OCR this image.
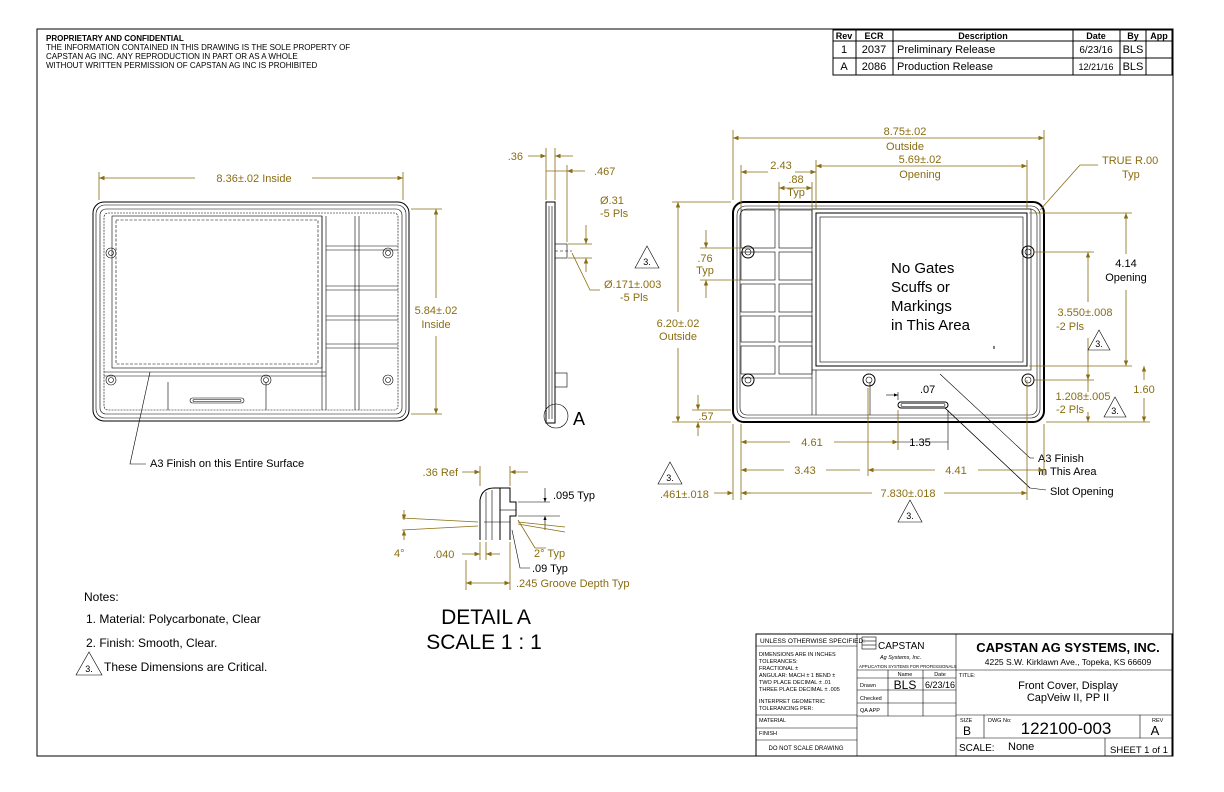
PROPRIETARY AND CONFIDENTIAL
THE INFORMATION CONTAINED IN THIS DRAWING IS THE SOLE PROPERTY OF
CAPSTAN AG INC. ANY REPRODUCTION IN PART OR AS A WHOLE
WITHOUT WRITTEN PERMISSION OF CAPSTAN AG INC IS PROHIBITED
Rev ECR	Description	Date By App
1 2037 Preliminary Release	6/23/16 BLS
A 2086 Production Release	12/21/16 BLS
8.36±.02 Inside
5.84±.02
Inside
A3 Finish on this Entire Surface
A
.36
.467
Ø.31
-5 Pls
Ø.171±.003
-5 Pls
3.	No Gates
Scuffs or
Markings
in This Area
8.75±.02
Outside
5.69±.02
Opening
2.43
.88
Typ
TRUE R.00
Typ
.76
Typ
6.20±.02
Outside
4.14
Opening
3.550±.008
-2 Pls
3.
1.60
1.208±.005
-2 Pls	3.
.07
.57
4.61	1.35
A3 Finish
In This Area
3.43	4.41
Slot Opening
3.
.461±.018	7.830±.018
3.
.36 Ref
.095 Typ
4°	.040	2° Typ
.09 Typ
.245 Groove Depth Typ
DETAIL A
SCALE 1 : 1
Notes:
1. Material: Polycarbonate, Clear
2. Finish: Smooth, Clear.
3. These Dimensions are Critical.
UNLESS OTHERWISE SPECIFIED:
DIMENSIONS ARE IN INCHES
TOLERANCES:
FRACTIONAL ±
ANGULAR: MACH ± 1 BEND ±
TWO PLACE DECIMAL ± .01
THREE PLACE DECIMAL ± .005
INTERPRET GEOMETRIC
TOLERANCING PER:
MATERIAL
FINISH
DO NOT SCALE DRAWING
CAPSTAN
Ag Systems, Inc.
APPLICATION SYSTEMS FOR PROFESSIONALS
Name	Date
Drawn
Checked
QA APP
BLS 6/23/16
CAPSTAN AG SYSTEMS, INC.
4225 S.W. Kirklawn Ave., Topeka, KS 66609
TITLE:
Front Cover, Display
CapVeiw II, PP II
SIZE
B
DWG No: 122100-003	REV
A
SCALE: None	SHEET 1 of 1
